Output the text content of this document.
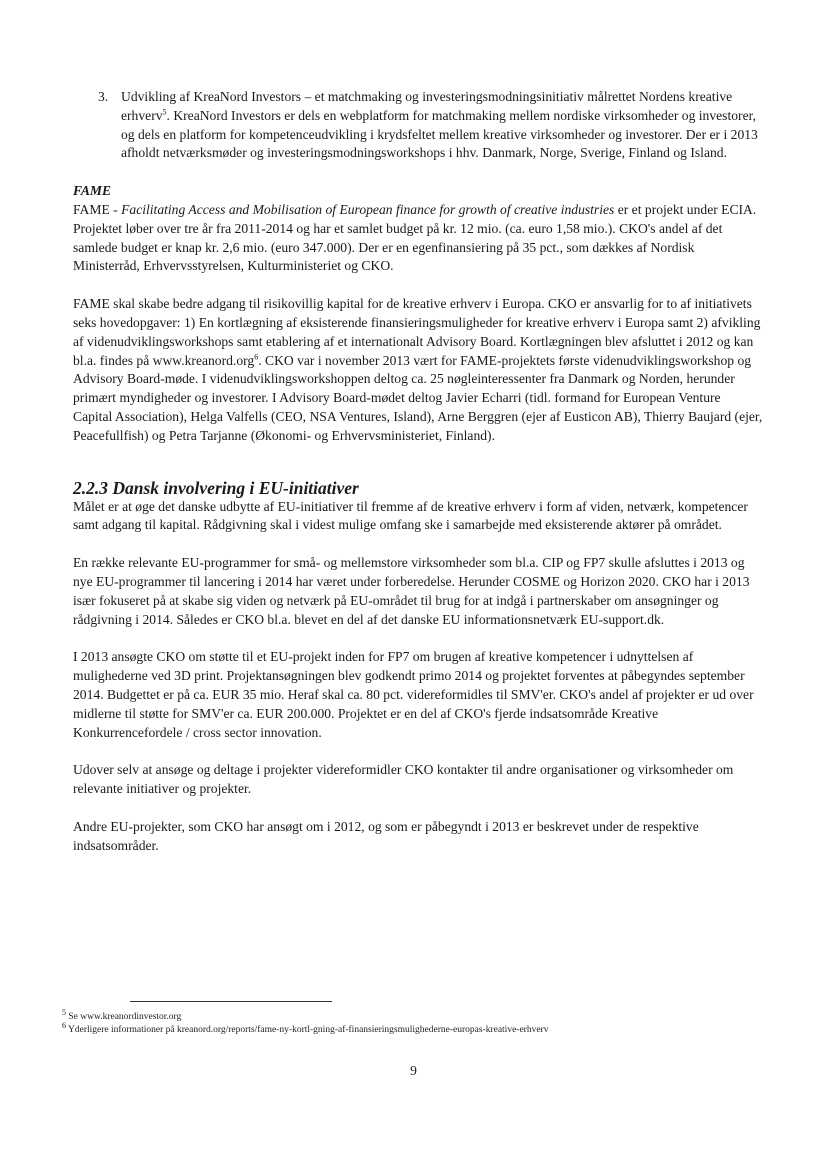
3. Udvikling af KreaNord Investors – et matchmaking og investeringsmodningsinitiativ målrettet Nordens kreative erhverv$^5$. KreaNord Investors er dels en webplatform for matchmaking mellem nordiske virksomheder og investorer, og dels en platform for kompetenceudvikling i krydsfeltet mellem kreative virksomheder og investorer. Der er i 2013 afholdt netværksmøder og investeringsmodningsworkshops i hhv. Danmark, Norge, Sverige, Finland og Island.

FAME

FAME - Facilitating Access and Mobilisation of European finance for growth of creative industries er et projekt under ECIA. Projektet løber over tre år fra 2011-2014 og har et samlet budget på kr. 12 mio. (ca. euro 1,58 mio.). CKO's andel af det samlede budget er knap kr. 2,6 mio. (euro 347.000). Der er en egenfinansiering på 35 pct., som dækkes af Nordisk Ministerråd, Erhvervsstyrelsen, Kulturministeriet og CKO.

FAME skal skabe bedre adgang til risikovillig kapital for de kreative erhverv i Europa. CKO er ansvarlig for to af initiativets seks hovedopgaver: 1) En kortlægning af eksisterende finansieringsmuligheder for kreative erhverv i Europa samt 2) afvikling af videnudviklingsworkshops samt etablering af et internationalt Advisory Board. Kortlægningen blev afsluttet i 2012 og kan bl.a. findes på www.kreanord.org$^6$. CKO var i november 2013 vært for FAME-projektets første videnudviklingsworkshop og Advisory Board-møde. I videnudviklingsworkshoppen deltog ca. 25 nøgleinteressenter fra Danmark og Norden, herunder primært myndigheder og investorer. I Advisory Board-mødet deltog Javier Echarri (tidl. formand for European Venture Capital Association), Helga Valfells (CEO, NSA Ventures, Island), Arne Berggren (ejer af Eusticon AB), Thierry Baujard (ejer, Peacefullfish) og Petra Tarjanne (Økonomi- og Erhvervsministeriet, Finland).

2.2.3 Dansk involvering i EU-initiativer

Målet er at øge det danske udbytte af EU-initiativer til fremme af de kreative erhverv i form af viden, netværk, kompetencer samt adgang til kapital. Rådgivning skal i videst mulige omfang ske i samarbejde med eksisterende aktører på området.

En række relevante EU-programmer for små- og mellemstore virksomheder som bl.a. CIP og FP7 skulle afsluttes i 2013 og nye EU-programmer til lancering i 2014 har været under forberedelse. Herunder COSME og Horizon 2020. CKO har i 2013 især fokuseret på at skabe sig viden og netværk på EU-området til brug for at indgå i partnerskaber om ansøgninger og rådgivning i 2014. Således er CKO bl.a. blevet en del af det danske EU informationsnetværk EU-support.dk.

I 2013 ansøgte CKO om støtte til et EU-projekt inden for FP7 om brugen af kreative kompetencer i udnyttelsen af mulighederne ved 3D print. Projektansøgningen blev godkendt primo 2014 og projektet forventes at påbegyndes september 2014. Budgettet er på ca. EUR 35 mio. Heraf skal ca. 80 pct. videreformidles til SMV'er. CKO's andel af projekter er ud over midlerne til støtte for SMV'er ca. EUR 200.000. Projektet er en del af CKO's fjerde indsatsområde Kreative Konkurrencefordele / cross sector innovation.

Udover selv at ansøge og deltage i projekter videreformidler CKO kontakter til andre organisationer og virksomheder om relevante initiativer og projekter.

Andre EU-projekter, som CKO har ansøgt om i 2012, og som er påbegyndt i 2013 er beskrevet under de respektive indsatsområder.

$^5$ Se www.kreanordinvestor.org
$^6$ Yderligere informationer på kreanord.org/reports/fame-ny-kortl-gning-af-finansieringsmulighederne-europas-kreative-erhverv
9
